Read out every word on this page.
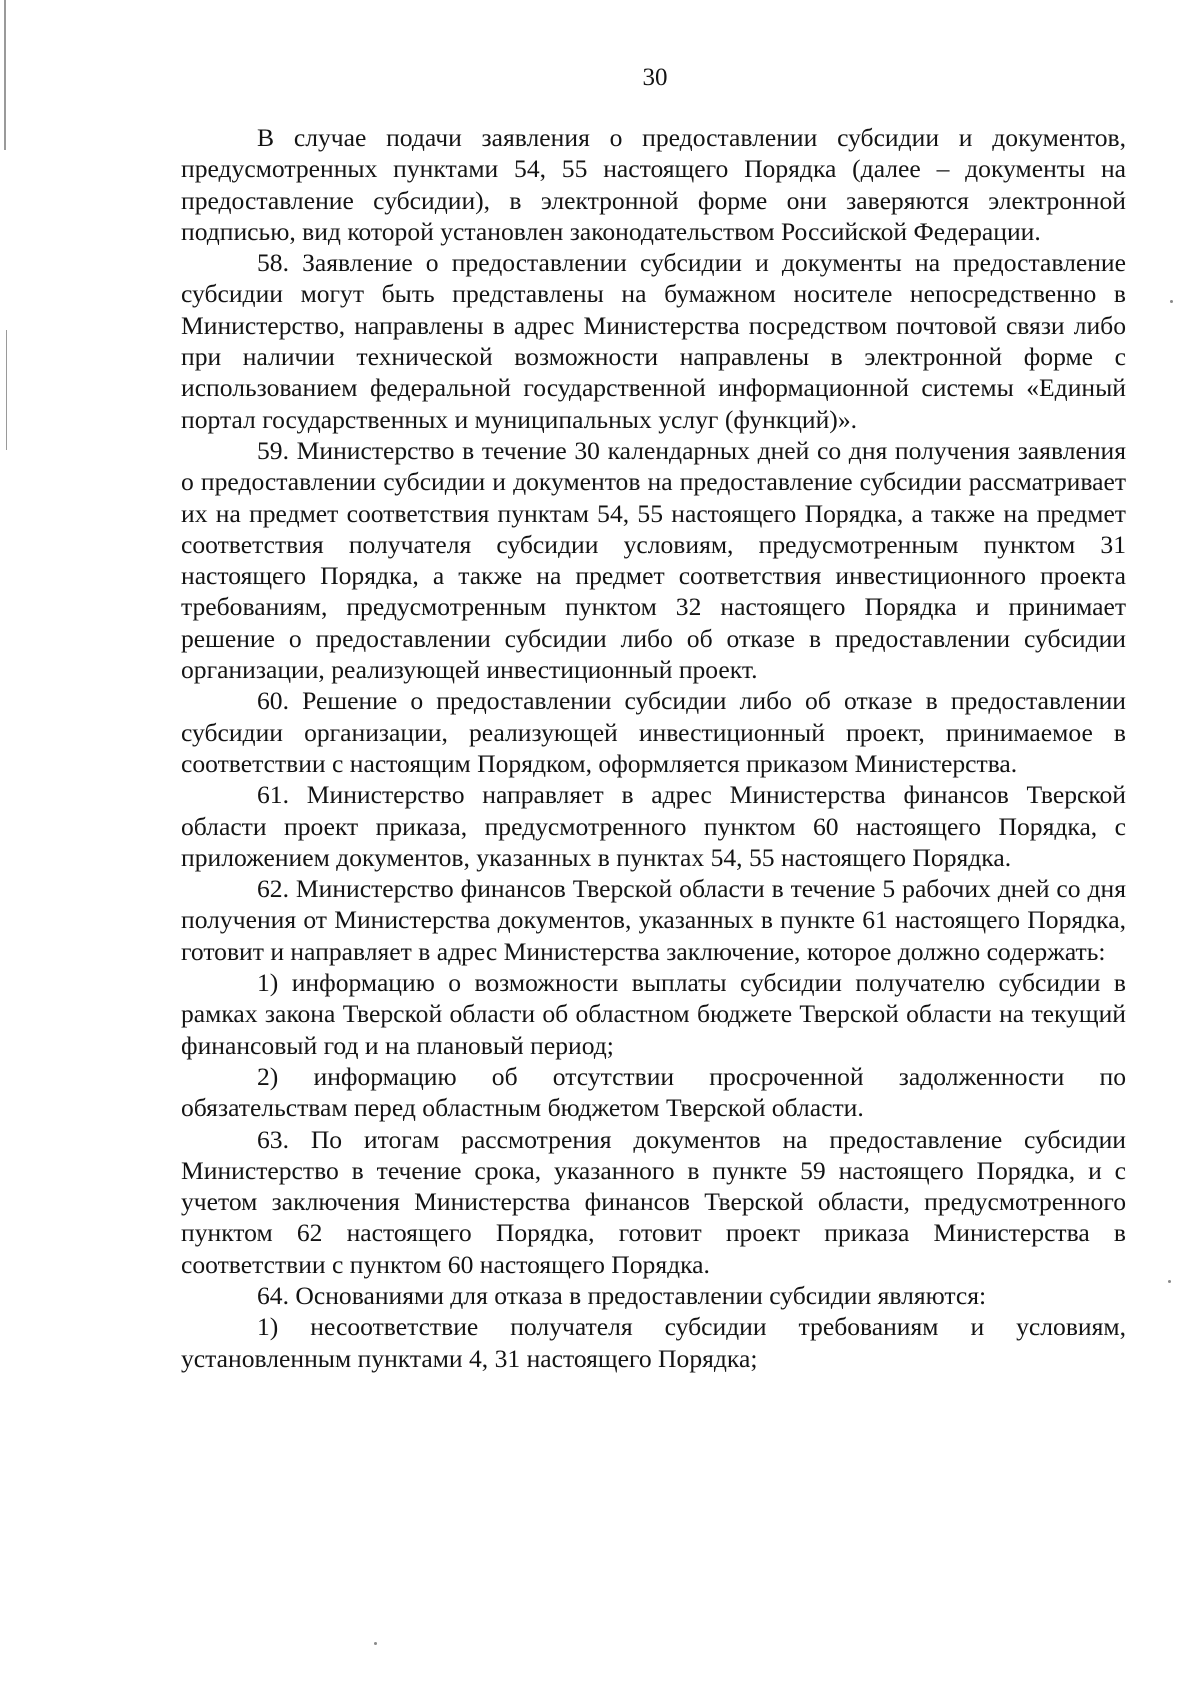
30

В случае подачи заявления о предоставлении субсидии и документов, предусмотренных пунктами 54, 55 настоящего Порядка (далее – документы на предоставление субсидии), в электронной форме они заверяются электронной подписью, вид которой установлен законодательством Российской Федерации.

58. Заявление о предоставлении субсидии и документы на предоставление субсидии могут быть представлены на бумажном носителе непосредственно в Министерство, направлены в адрес Министерства посредством почтовой связи либо при наличии технической возможности направлены в электронной форме с использованием федеральной государственной информационной системы «Единый портал государственных и муниципальных услуг (функций)».

59. Министерство в течение 30 календарных дней со дня получения заявления о предоставлении субсидии и документов на предоставление субсидии рассматривает их на предмет соответствия пунктам 54, 55 настоящего Порядка, а также на предмет соответствия получателя субсидии условиям, предусмотренным пунктом 31 настоящего Порядка, а также на предмет соответствия инвестиционного проекта требованиям, предусмотренным пунктом 32 настоящего Порядка и принимает решение о предоставлении субсидии либо об отказе в предоставлении субсидии организации, реализующей инвестиционный проект.

60. Решение о предоставлении субсидии либо об отказе в предоставлении субсидии организации, реализующей инвестиционный проект, принимаемое в соответствии с настоящим Порядком, оформляется приказом Министерства.

61. Министерство направляет в адрес Министерства финансов Тверской области проект приказа, предусмотренного пунктом 60 настоящего Порядка, с приложением документов, указанных в пунктах 54, 55 настоящего Порядка.

62. Министерство финансов Тверской области в течение 5 рабочих дней со дня получения от Министерства документов, указанных в пункте 61 настоящего Порядка, готовит и направляет в адрес Министерства заключение, которое должно содержать:

1) информацию о возможности выплаты субсидии получателю субсидии в рамках закона Тверской области об областном бюджете Тверской области на текущий финансовый год и на плановый период;

2) информацию об отсутствии просроченной задолженности по обязательствам перед областным бюджетом Тверской области.

63. По итогам рассмотрения документов на предоставление субсидии Министерство в течение срока, указанного в пункте 59 настоящего Порядка, и с учетом заключения Министерства финансов Тверской области, предусмотренного пунктом 62 настоящего Порядка, готовит проект приказа Министерства в соответствии с пунктом 60 настоящего Порядка.

64. Основаниями для отказа в предоставлении субсидии являются:

1) несоответствие получателя субсидии требованиям и условиям, установленным пунктами 4, 31 настоящего Порядка;
